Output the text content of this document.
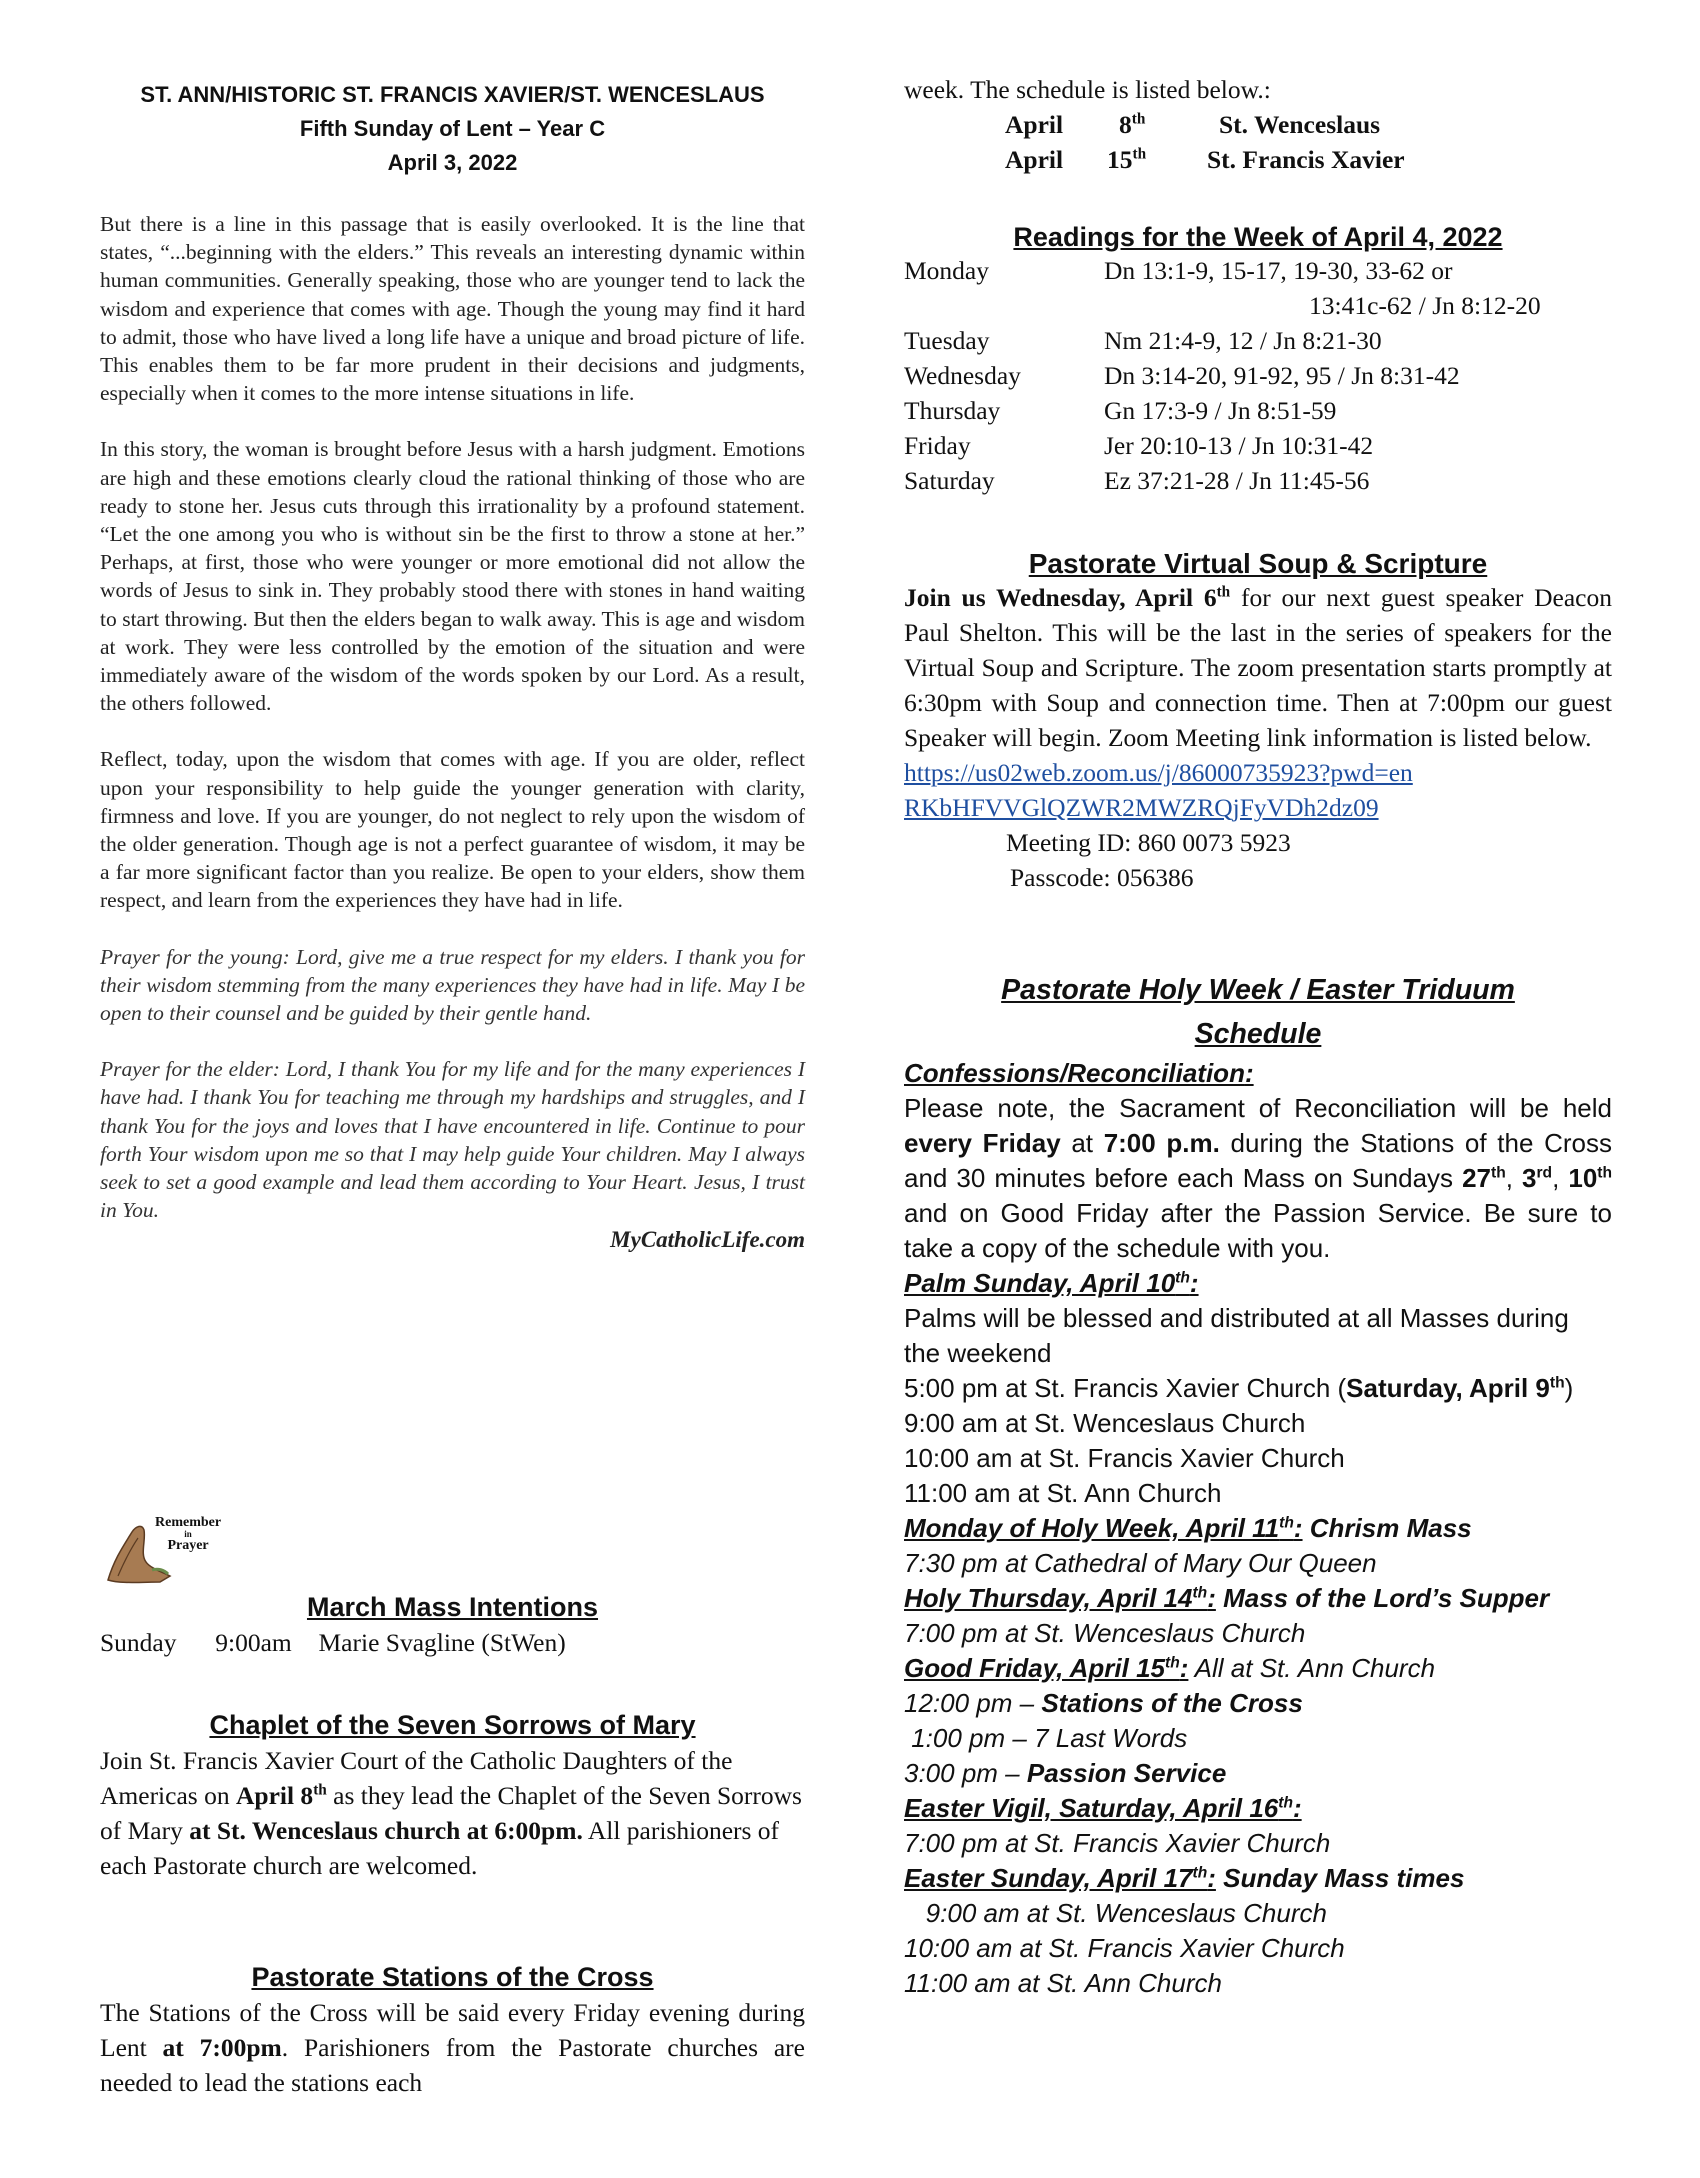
ST. ANN/HISTORIC ST. FRANCIS XAVIER/ST. WENCESLAUS
Fifth Sunday of Lent – Year C
April 3, 2022

But there is a line in this passage that is easily overlooked. It is the line that states, “...beginning with the elders.” This reveals an interesting dynamic within human communities. Generally speaking, those who are younger tend to lack the wisdom and experience that comes with age. Though the young may find it hard to admit, those who have lived a long life have a unique and broad picture of life. This enables them to be far more prudent in their decisions and judgments, especially when it comes to the more intense situations in life.

In this story, the woman is brought before Jesus with a harsh judgment. Emotions are high and these emotions clearly cloud the rational thinking of those who are ready to stone her. Jesus cuts through this irrationality by a profound statement. “Let the one among you who is without sin be the first to throw a stone at her.” Perhaps, at first, those who were younger or more emotional did not allow the words of Jesus to sink in. They probably stood there with stones in hand waiting to start throwing. But then the elders began to walk away. This is age and wisdom at work. They were less controlled by the emotion of the situation and were immediately aware of the wisdom of the words spoken by our Lord. As a result, the others followed.

Reflect, today, upon the wisdom that comes with age. If you are older, reflect upon your responsibility to help guide the younger generation with clarity, firmness and love. If you are younger, do not neglect to rely upon the wisdom of the older generation. Though age is not a perfect guarantee of wisdom, it may be a far more significant factor than you realize. Be open to your elders, show them respect, and learn from the experiences they have had in life.

Prayer for the young: Lord, give me a true respect for my elders. I thank you for their wisdom stemming from the many experiences they have had in life. May I be open to their counsel and be guided by their gentle hand.

Prayer for the elder: Lord, I thank You for my life and for the many experiences I have had. I thank You for teaching me through my hardships and struggles, and I thank You for the joys and loves that I have encountered in life. Continue to pour forth Your wisdom upon me so that I may help guide Your children. May I always seek to set a good example and lead them according to Your Heart. Jesus, I trust in You.

MyCatholicLife.com
Remember
in
Prayer
March Mass Intentions
Sunday 9:00am Marie Svagline (StWen)
Chaplet of the Seven Sorrows of Mary
Join St. Francis Xavier Court of the Catholic Daughters of the Americas on April 8th as they lead the Chaplet of the Seven Sorrows of Mary at St. Wenceslaus church at 6:00pm. All parishioners of each Pastorate church are welcomed.
Pastorate Stations of the Cross
The Stations of the Cross will be said every Friday evening during Lent at 7:00pm. Parishioners from the Pastorate churches are needed to lead the stations each
week. The schedule is listed below.:
April	8th	St. Wenceslaus
April	15th	St. Francis Xavier
Readings for the Week of April 4, 2022
Monday	Dn 13:1-9, 15-17, 19-30, 33-62 or
13:41c-62 / Jn 8:12-20
Tuesday	Nm 21:4-9, 12 / Jn 8:21-30
Wednesday	Dn 3:14-20, 91-92, 95 / Jn 8:31-42
Thursday	Gn 17:3-9 / Jn 8:51-59
Friday	Jer 20:10-13 / Jn 10:31-42
Saturday	Ez 37:21-28 / Jn 11:45-56
Pastorate Virtual Soup & Scripture
Join us Wednesday, April 6th for our next guest speaker Deacon Paul Shelton. This will be the last in the series of speakers for the Virtual Soup and Scripture. The zoom presentation starts promptly at 6:30pm with Soup and connection time. Then at 7:00pm our guest Speaker will begin. Zoom Meeting link information is listed below.
https://us02web.zoom.us/j/86000735923?pwd=en
RKbHFVVGlQZWR2MWZRQjFyVDh2dz09
Meeting ID: 860 0073 5923
Passcode: 056386
Pastorate Holy Week / Easter Triduum
Schedule
Confessions/Reconciliation:
Please note, the Sacrament of Reconciliation will be held every Friday at 7:00 p.m. during the Stations of the Cross and 30 minutes before each Mass on Sundays 27th, 3rd, 10th and on Good Friday after the Passion Service. Be sure to take a copy of the schedule with you.
Palm Sunday, April 10th:
Palms will be blessed and distributed at all Masses during the weekend
5:00 pm at St. Francis Xavier Church (Saturday, April 9th)
9:00 am at St. Wenceslaus Church
10:00 am at St. Francis Xavier Church
11:00 am at St. Ann Church
Monday of Holy Week, April 11th: Chrism Mass
7:30 pm at Cathedral of Mary Our Queen
Holy Thursday, April 14th: Mass of the Lord’s Supper
7:00 pm at St. Wenceslaus Church
Good Friday, April 15th: All at St. Ann Church
12:00 pm – Stations of the Cross
1:00 pm – 7 Last Words
3:00 pm – Passion Service
Easter Vigil, Saturday, April 16th:
7:00 pm at St. Francis Xavier Church
Easter Sunday, April 17th: Sunday Mass times
9:00 am at St. Wenceslaus Church
10:00 am at St. Francis Xavier Church
11:00 am at St. Ann Church
